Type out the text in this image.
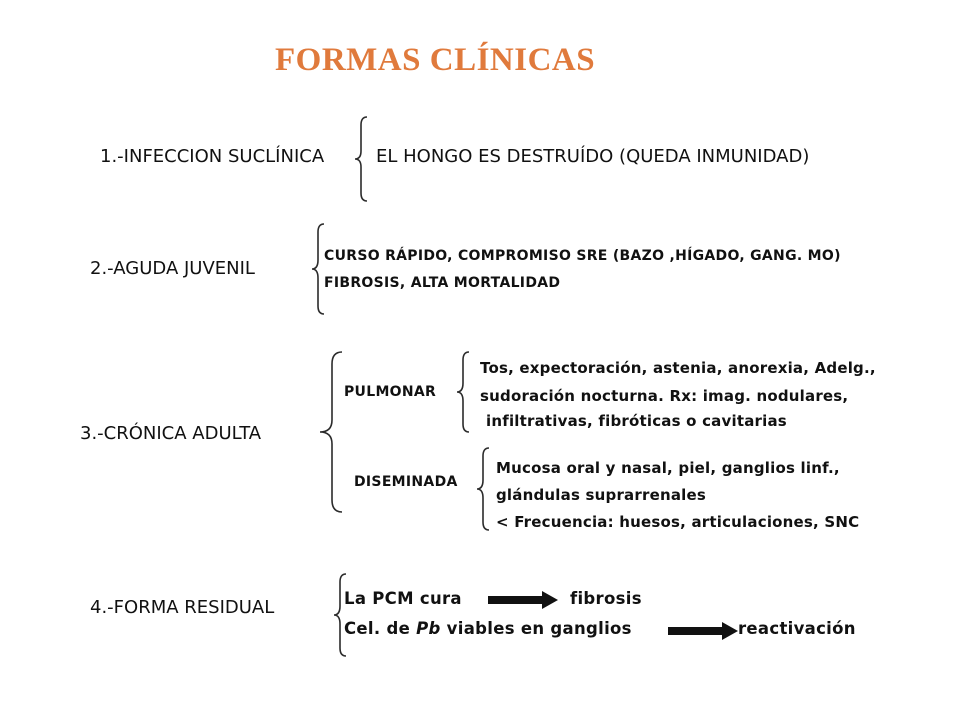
FORMAS CLÍNICAS
1.-INFECCION SUCLÍNICA	EL HONGO ES DESTRUÍDO (QUEDA INMUNIDAD)
2.-AGUDA JUVENIL
CURSO RÁPIDO, COMPROMISO SRE (BAZO ,HÍGADO, GANG. MO)
FIBROSIS, ALTA MORTALIDAD
3.-CRÓNICA ADULTA
PULMONAR
Tos, expectoración, astenia, anorexia, Adelg.,
sudoración nocturna. Rx: imag. nodulares,
infiltrativas, fibróticas o cavitarias
DISEMINADA
Mucosa oral y nasal, piel, ganglios linf.,
glándulas suprarrenales
< Frecuencia: huesos, articulaciones, SNC
4.-FORMA RESIDUAL	La PCM cura	fibrosis
Cel. de Pb viables en ganglios	reactivación
